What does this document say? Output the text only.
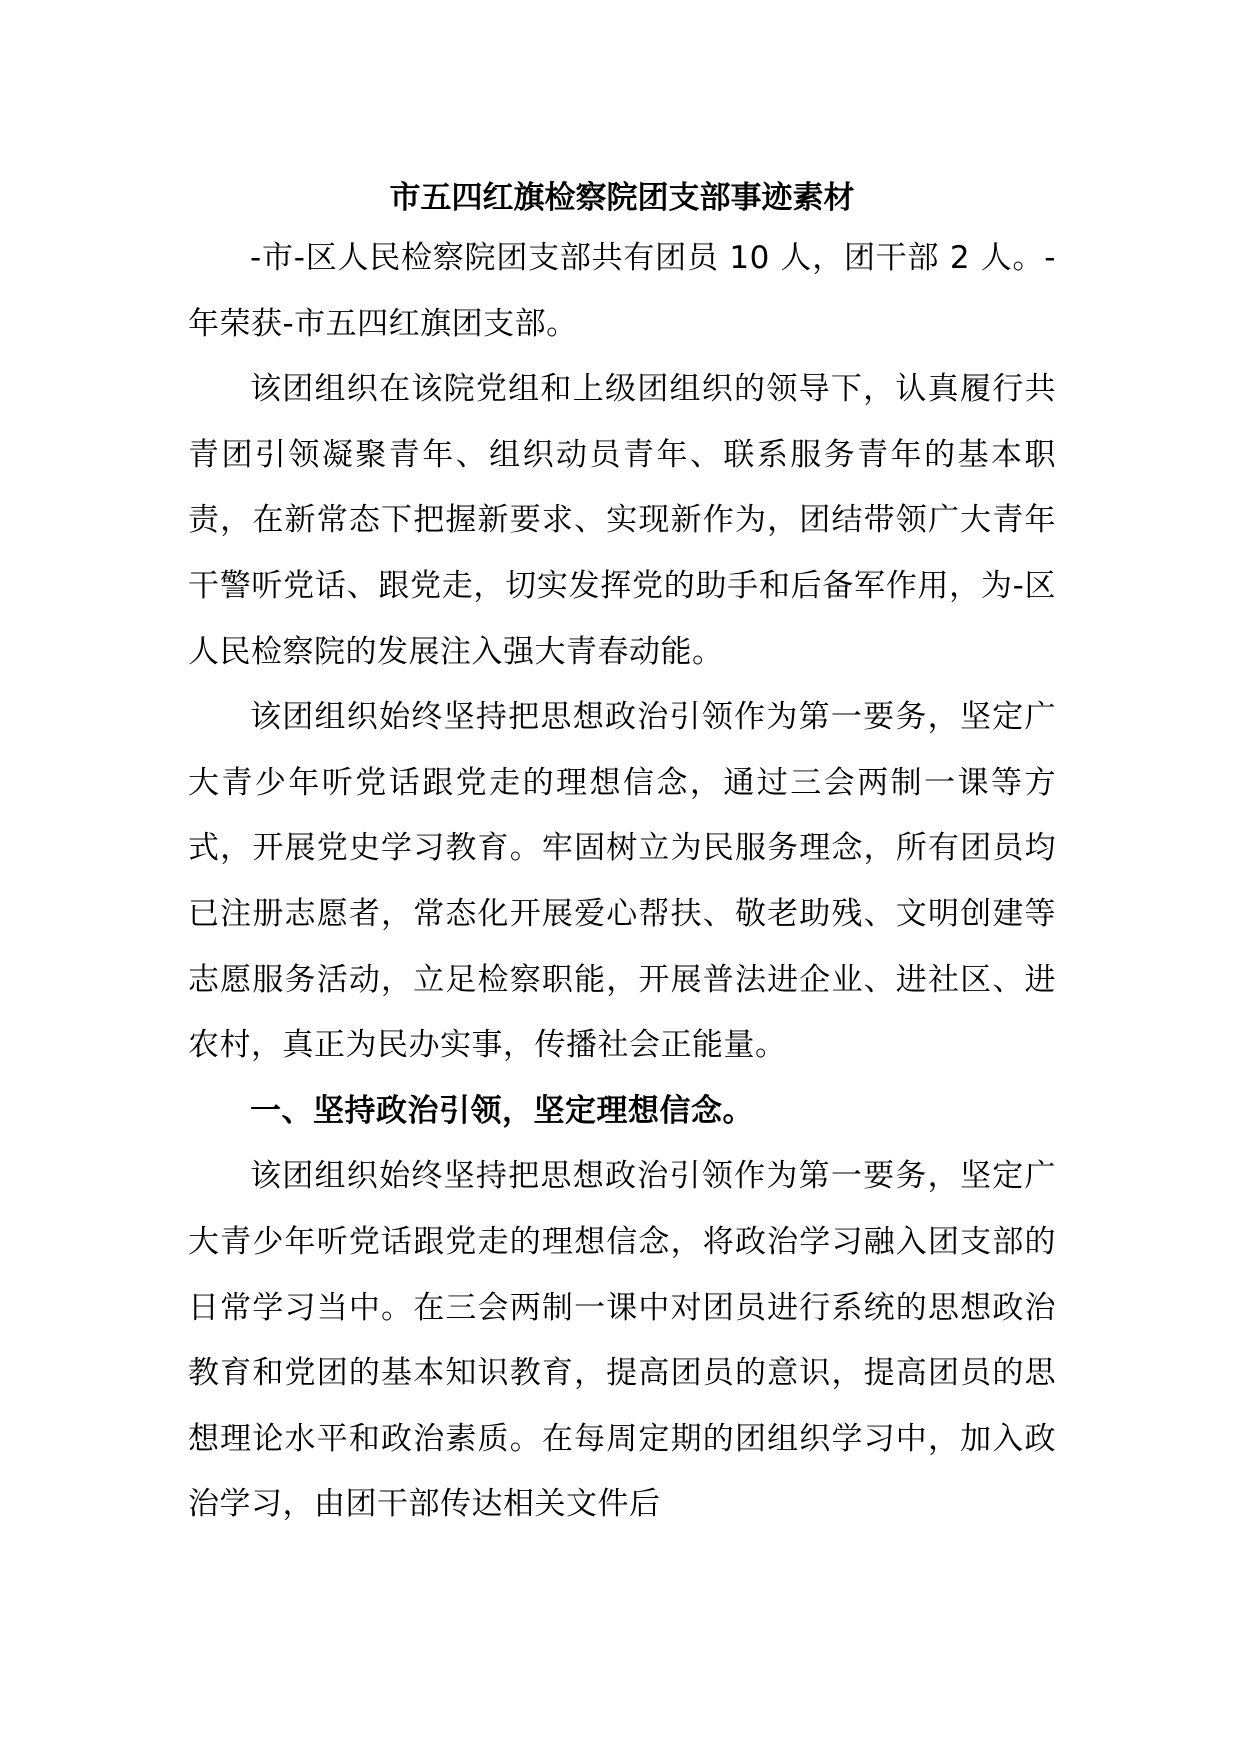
市五四红旗检察院团支部事迹素材

-市-区人民检察院团支部共有团员 10 人，团干部 2 人。-年荣获-市五四红旗团支部。

该团组织在该院党组和上级团组织的领导下，认真履行共青团引领凝聚青年、组织动员青年、联系服务青年的基本职责，在新常态下把握新要求、实现新作为，团结带领广大青年干警听党话、跟党走，切实发挥党的助手和后备军作用，为-区人民检察院的发展注入强大青春动能。

该团组织始终坚持把思想政治引领作为第一要务，坚定广大青少年听党话跟党走的理想信念，通过三会两制一课等方式，开展党史学习教育。牢固树立为民服务理念，所有团员均已注册志愿者，常态化开展爱心帮扶、敬老助残、文明创建等志愿服务活动，立足检察职能，开展普法进企业、进社区、进农村，真正为民办实事，传播社会正能量。

一、坚持政治引领，坚定理想信念。

该团组织始终坚持把思想政治引领作为第一要务，坚定广大青少年听党话跟党走的理想信念，将政治学习融入团支部的日常学习当中。在三会两制一课中对团员进行系统的思想政治教育和党团的基本知识教育，提高团员的意识，提高团员的思想理论水平和政治素质。在每周定期的团组织学习中，加入政治学习，由团干部传达相关文件后
